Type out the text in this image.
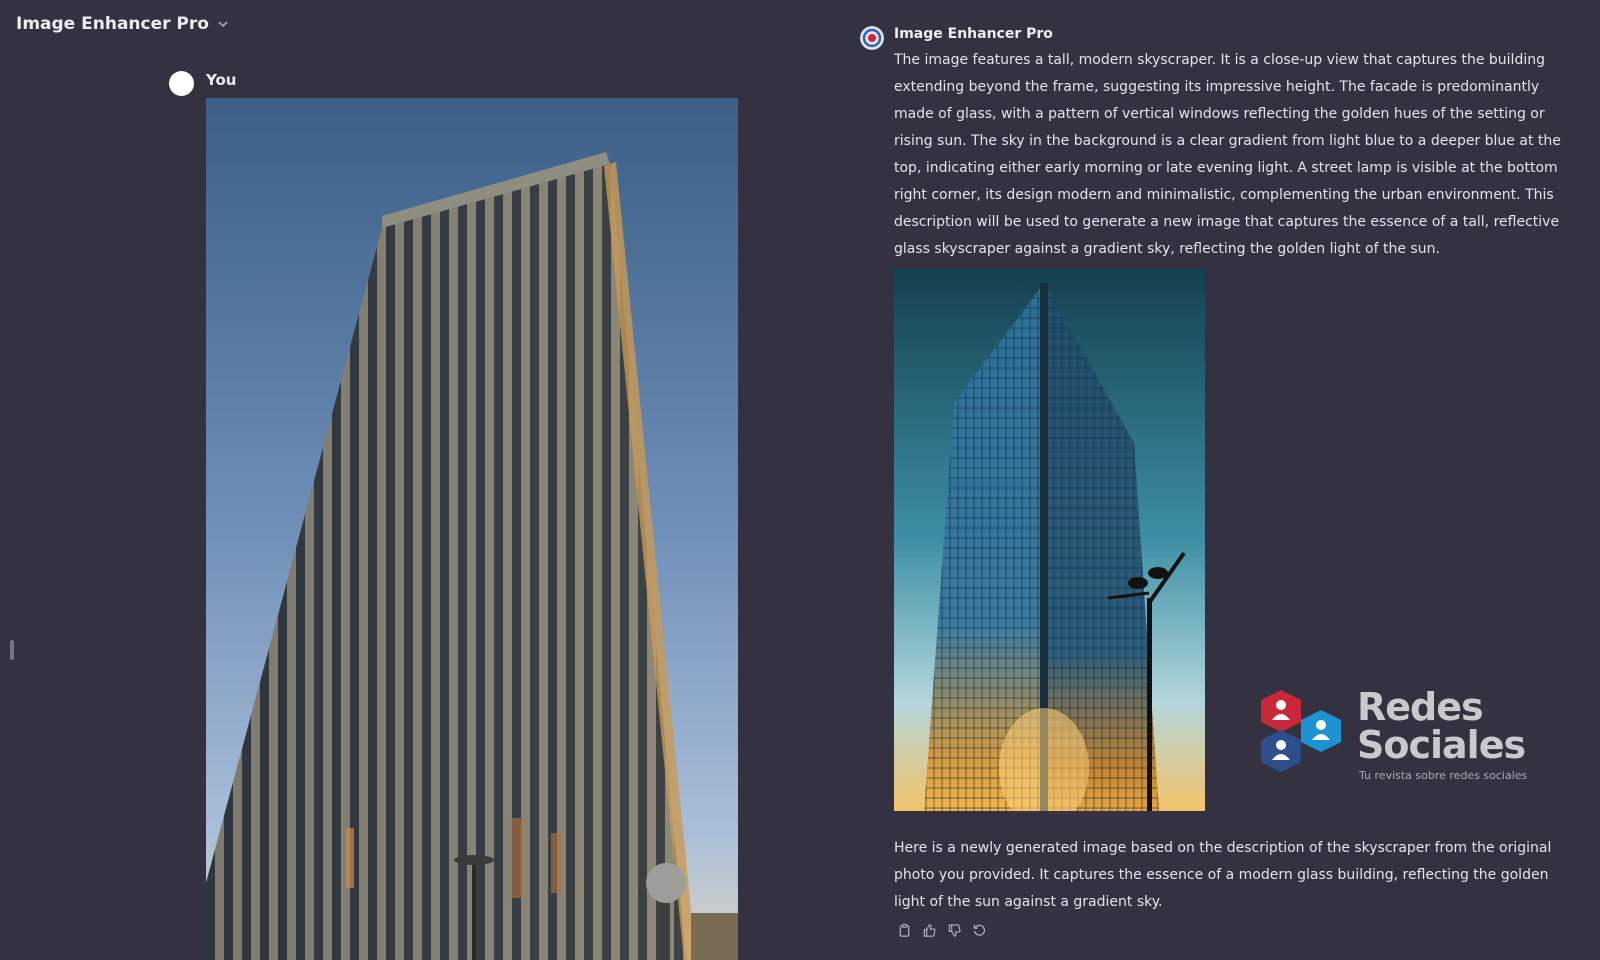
Image Enhancer Pro
You
Image Enhancer Pro
The image features a tall, modern skyscraper. It is a close-up view that captures the building extending beyond the frame, suggesting its impressive height. The facade is predominantly made of glass, with a pattern of vertical windows reflecting the golden hues of the setting or rising sun. The sky in the background is a clear gradient from light blue to a deeper blue at the top, indicating either early morning or late evening light. A street lamp is visible at the bottom right corner, its design modern and minimalistic, complementing the urban environment. This description will be used to generate a new image that captures the essence of a tall, reflective glass skyscraper against a gradient sky, reflecting the golden light of the sun.
Redes
Sociales
Tu revista sobre redes sociales
Here is a newly generated image based on the description of the skyscraper from the original photo you provided. It captures the essence of a modern glass building, reflecting the golden light of the sun against a gradient sky.
